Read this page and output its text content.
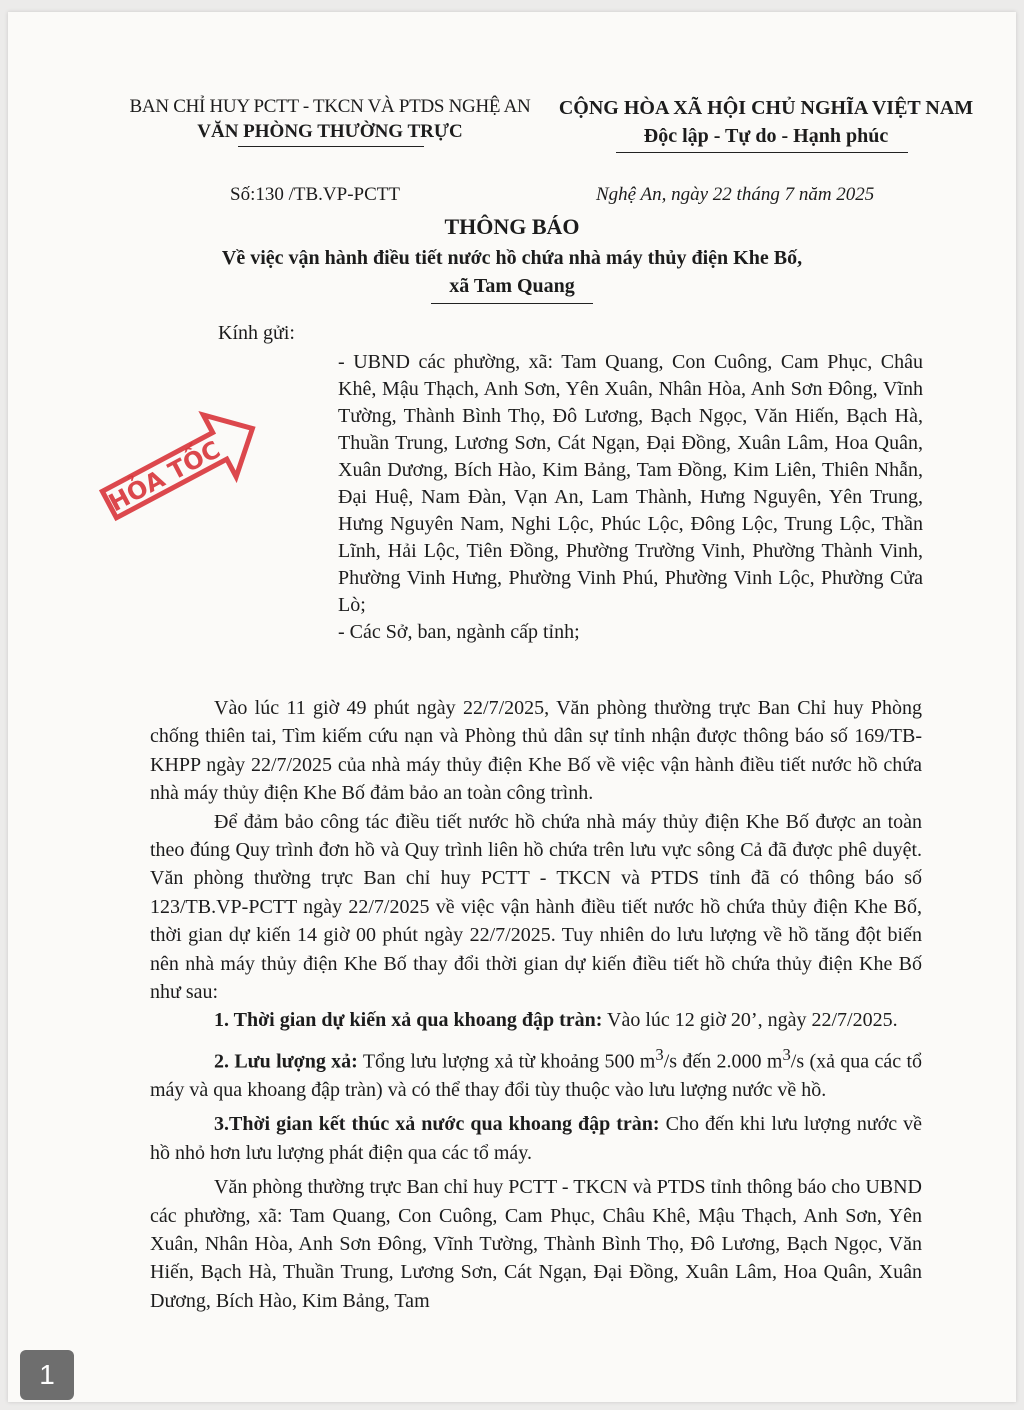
BAN CHỈ HUY PCTT - TKCN VÀ PTDS NGHỆ AN
VĂN PHÒNG THƯỜNG TRỰC
CỘNG HÒA XÃ HỘI CHỦ NGHĨA VIỆT NAM
Độc lập - Tự do - Hạnh phúc
Số:130 /TB.VP-PCTT	Nghệ An, ngày 22 tháng 7 năm 2025
THÔNG BÁO
Về việc vận hành điều tiết nước hồ chứa nhà máy thủy điện Khe Bố,
xã Tam Quang
Kính gửi:
HỎA TỐC

- UBND các phường, xã: Tam Quang, Con Cuông, Cam Phục, Châu Khê, Mậu Thạch, Anh Sơn, Yên Xuân, Nhân Hòa, Anh Sơn Đông, Vĩnh Tường, Thành Bình Thọ, Đô Lương, Bạch Ngọc, Văn Hiến, Bạch Hà, Thuần Trung, Lương Sơn, Cát Ngạn, Đại Đồng, Xuân Lâm, Hoa Quân, Xuân Dương, Bích Hào, Kim Bảng, Tam Đồng, Kim Liên, Thiên Nhẫn, Đại Huệ, Nam Đàn, Vạn An, Lam Thành, Hưng Nguyên, Yên Trung, Hưng Nguyên Nam, Nghi Lộc, Phúc Lộc, Đông Lộc, Trung Lộc, Thần Lĩnh, Hải Lộc, Tiên Đồng, Phường Trường Vinh, Phường Thành Vinh, Phường Vinh Hưng, Phường Vinh Phú, Phường Vinh Lộc, Phường Cửa Lò;

- Các Sở, ban, ngành cấp tỉnh;

Vào lúc 11 giờ 49 phút ngày 22/7/2025, Văn phòng thường trực Ban Chỉ huy Phòng chống thiên tai, Tìm kiếm cứu nạn và Phòng thủ dân sự tỉnh nhận được thông báo số 169/TB-KHPP ngày 22/7/2025 của nhà máy thủy điện Khe Bố về việc vận hành điều tiết nước hồ chứa nhà máy thủy điện Khe Bố đảm bảo an toàn công trình.

Để đảm bảo công tác điều tiết nước hồ chứa nhà máy thủy điện Khe Bố được an toàn theo đúng Quy trình đơn hồ và Quy trình liên hồ chứa trên lưu vực sông Cả đã được phê duyệt. Văn phòng thường trực Ban chỉ huy PCTT - TKCN và PTDS tỉnh đã có thông báo số 123/TB.VP-PCTT ngày 22/7/2025 về việc vận hành điều tiết nước hồ chứa thủy điện Khe Bố, thời gian dự kiến 14 giờ 00 phút ngày 22/7/2025. Tuy nhiên do lưu lượng về hồ tăng đột biến nên nhà máy thủy điện Khe Bố thay đổi thời gian dự kiến điều tiết hồ chứa thủy điện Khe Bố như sau:

1. Thời gian dự kiến xả qua khoang đập tràn: Vào lúc 12 giờ 20’, ngày 22/7/2025.

2. Lưu lượng xả: Tổng lưu lượng xả từ khoảng 500 $m^3/s$ đến 2.000 $m^3/s$ (xả qua các tổ máy và qua khoang đập tràn) và có thể thay đổi tùy thuộc vào lưu lượng nước về hồ.

3.Thời gian kết thúc xả nước qua khoang đập tràn: Cho đến khi lưu lượng nước về hồ nhỏ hơn lưu lượng phát điện qua các tổ máy.

Văn phòng thường trực Ban chỉ huy PCTT - TKCN và PTDS tỉnh thông báo cho UBND các phường, xã: Tam Quang, Con Cuông, Cam Phục, Châu Khê, Mậu Thạch, Anh Sơn, Yên Xuân, Nhân Hòa, Anh Sơn Đông, Vĩnh Tường, Thành Bình Thọ, Đô Lương, Bạch Ngọc, Văn Hiến, Bạch Hà, Thuần Trung, Lương Sơn, Cát Ngạn, Đại Đồng, Xuân Lâm, Hoa Quân, Xuân Dương, Bích Hào, Kim Bảng, Tam

1
